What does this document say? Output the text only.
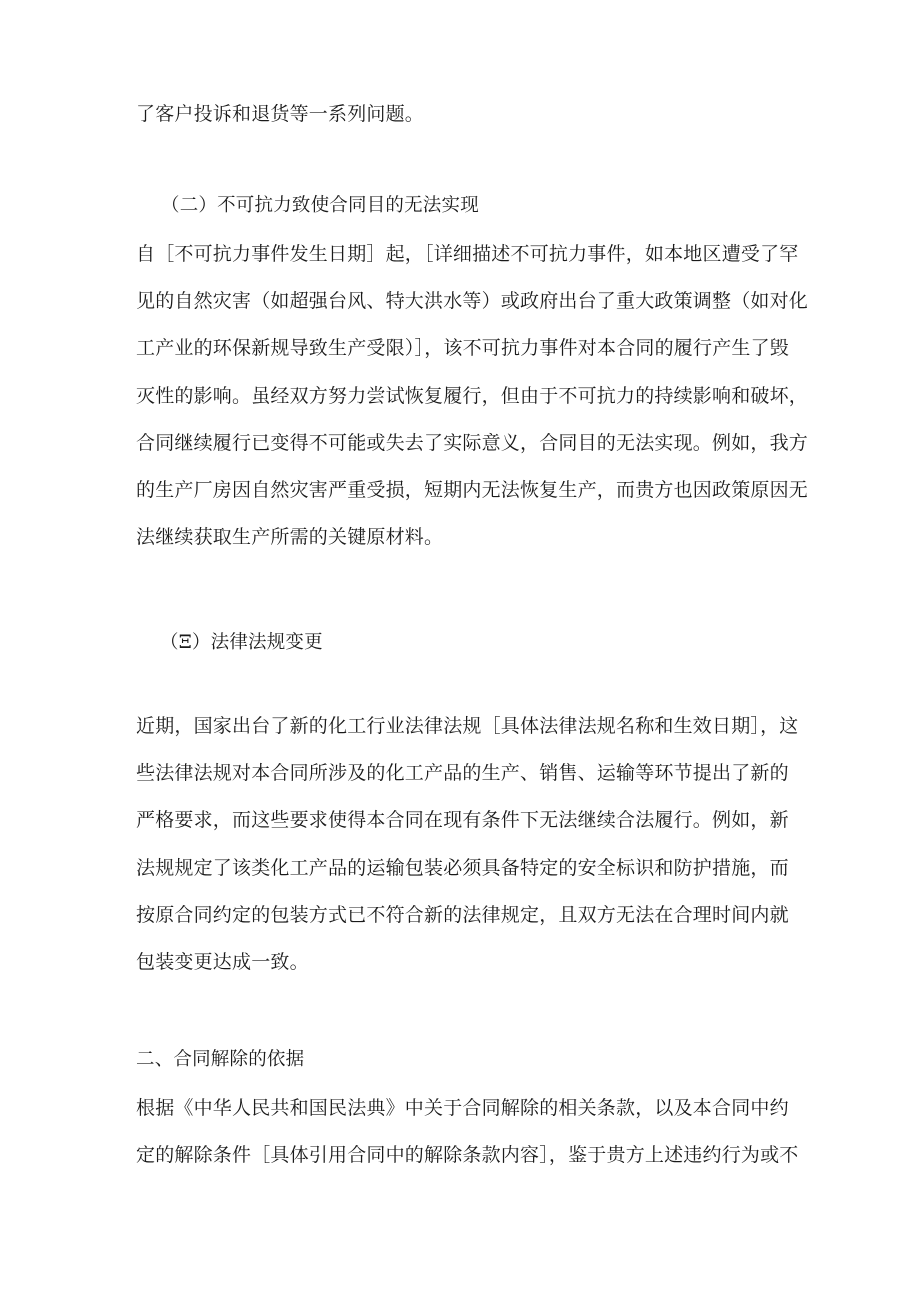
了客户投诉和退货等一系列问题。
（二）不可抗力致使合同目的无法实现
自［不可抗力事件发生日期］起，［详细描述不可抗力事件，如本地区遭受了罕
见的自然灾害（如超强台风、特大洪水等）或政府出台了重大政策调整（如对化
工产业的环保新规导致生产受限）］，该不可抗力事件对本合同的履行产生了毁
灭性的影响。虽经双方努力尝试恢复履行，但由于不可抗力的持续影响和破坏，
合同继续履行已变得不可能或失去了实际意义，合同目的无法实现。例如，我方
的生产厂房因自然灾害严重受损，短期内无法恢复生产，而贵方也因政策原因无
法继续获取生产所需的关键原材料。
（Ξ）法律法规变更
近期，国家出台了新的化工行业法律法规［具体法律法规名称和生效日期］，这
些法律法规对本合同所涉及的化工产品的生产、销售、运输等环节提出了新的
严格要求，而这些要求使得本合同在现有条件下无法继续合法履行。例如，新
法规规定了该类化工产品的运输包装必须具备特定的安全标识和防护措施，而
按原合同约定的包装方式已不符合新的法律规定，且双方无法在合理时间内就
包装变更达成一致。
二、合同解除的依据
根据《中华人民共和国民法典》中关于合同解除的相关条款，以及本合同中约
定的解除条件［具体引用合同中的解除条款内容］，鉴于贵方上述违约行为或不
